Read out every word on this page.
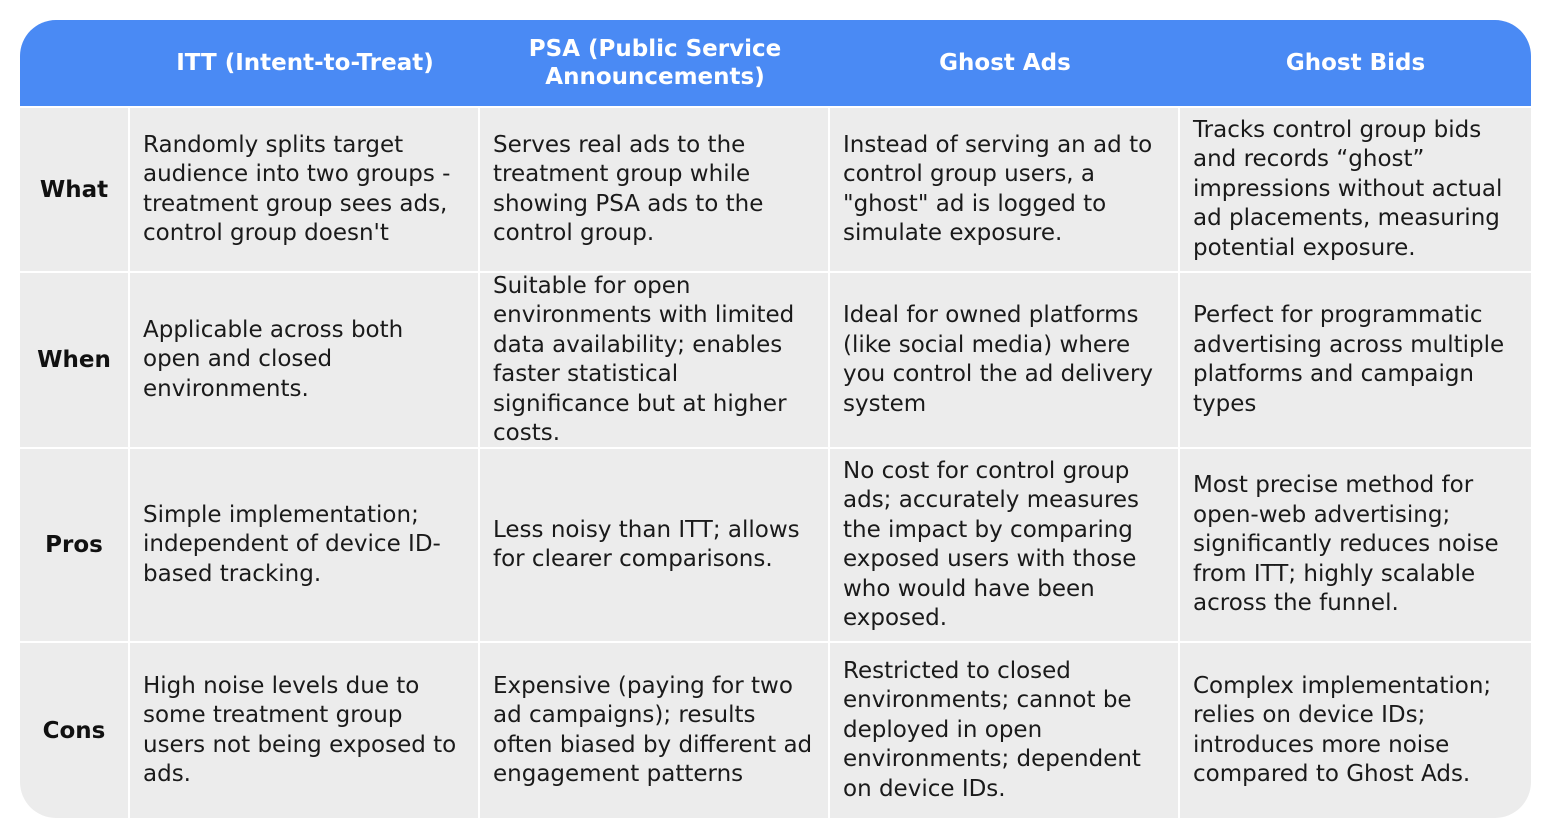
ITT (Intent-to-Treat)
PSA (Public Service Announcements)
Ghost Ads	Ghost Bids
What
Randomly splits target audience into two groups - treatment group sees ads, control group doesn't
Serves real ads to the treatment group while showing PSA ads to the control group.
Instead of serving an ad to control group users, a "ghost" ad is logged to simulate exposure.
Tracks control group bids and records “ghost” impressions without actual ad placements, measuring potential exposure.
When
Applicable across both open and closed environments.
Suitable for open environments with limited data availability; enables faster statistical significance but at higher costs.
Ideal for owned platforms (like social media) where you control the ad delivery system
Perfect for programmatic advertising across multiple platforms and campaign types
Pros
Simple implementation; independent of device ID-based tracking.
Less noisy than ITT; allows for clearer comparisons.
No cost for control group ads; accurately measures the impact by comparing exposed users with those who would have been exposed.
Most precise method for open-web advertising; significantly reduces noise from ITT; highly scalable across the funnel.
Cons
High noise levels due to some treatment group users not being exposed to ads.
Expensive (paying for two ad campaigns); results often biased by different ad engagement patterns
Restricted to closed environments; cannot be deployed in open environments; dependent on device IDs.
Complex implementation; relies on device IDs; introduces more noise compared to Ghost Ads.
